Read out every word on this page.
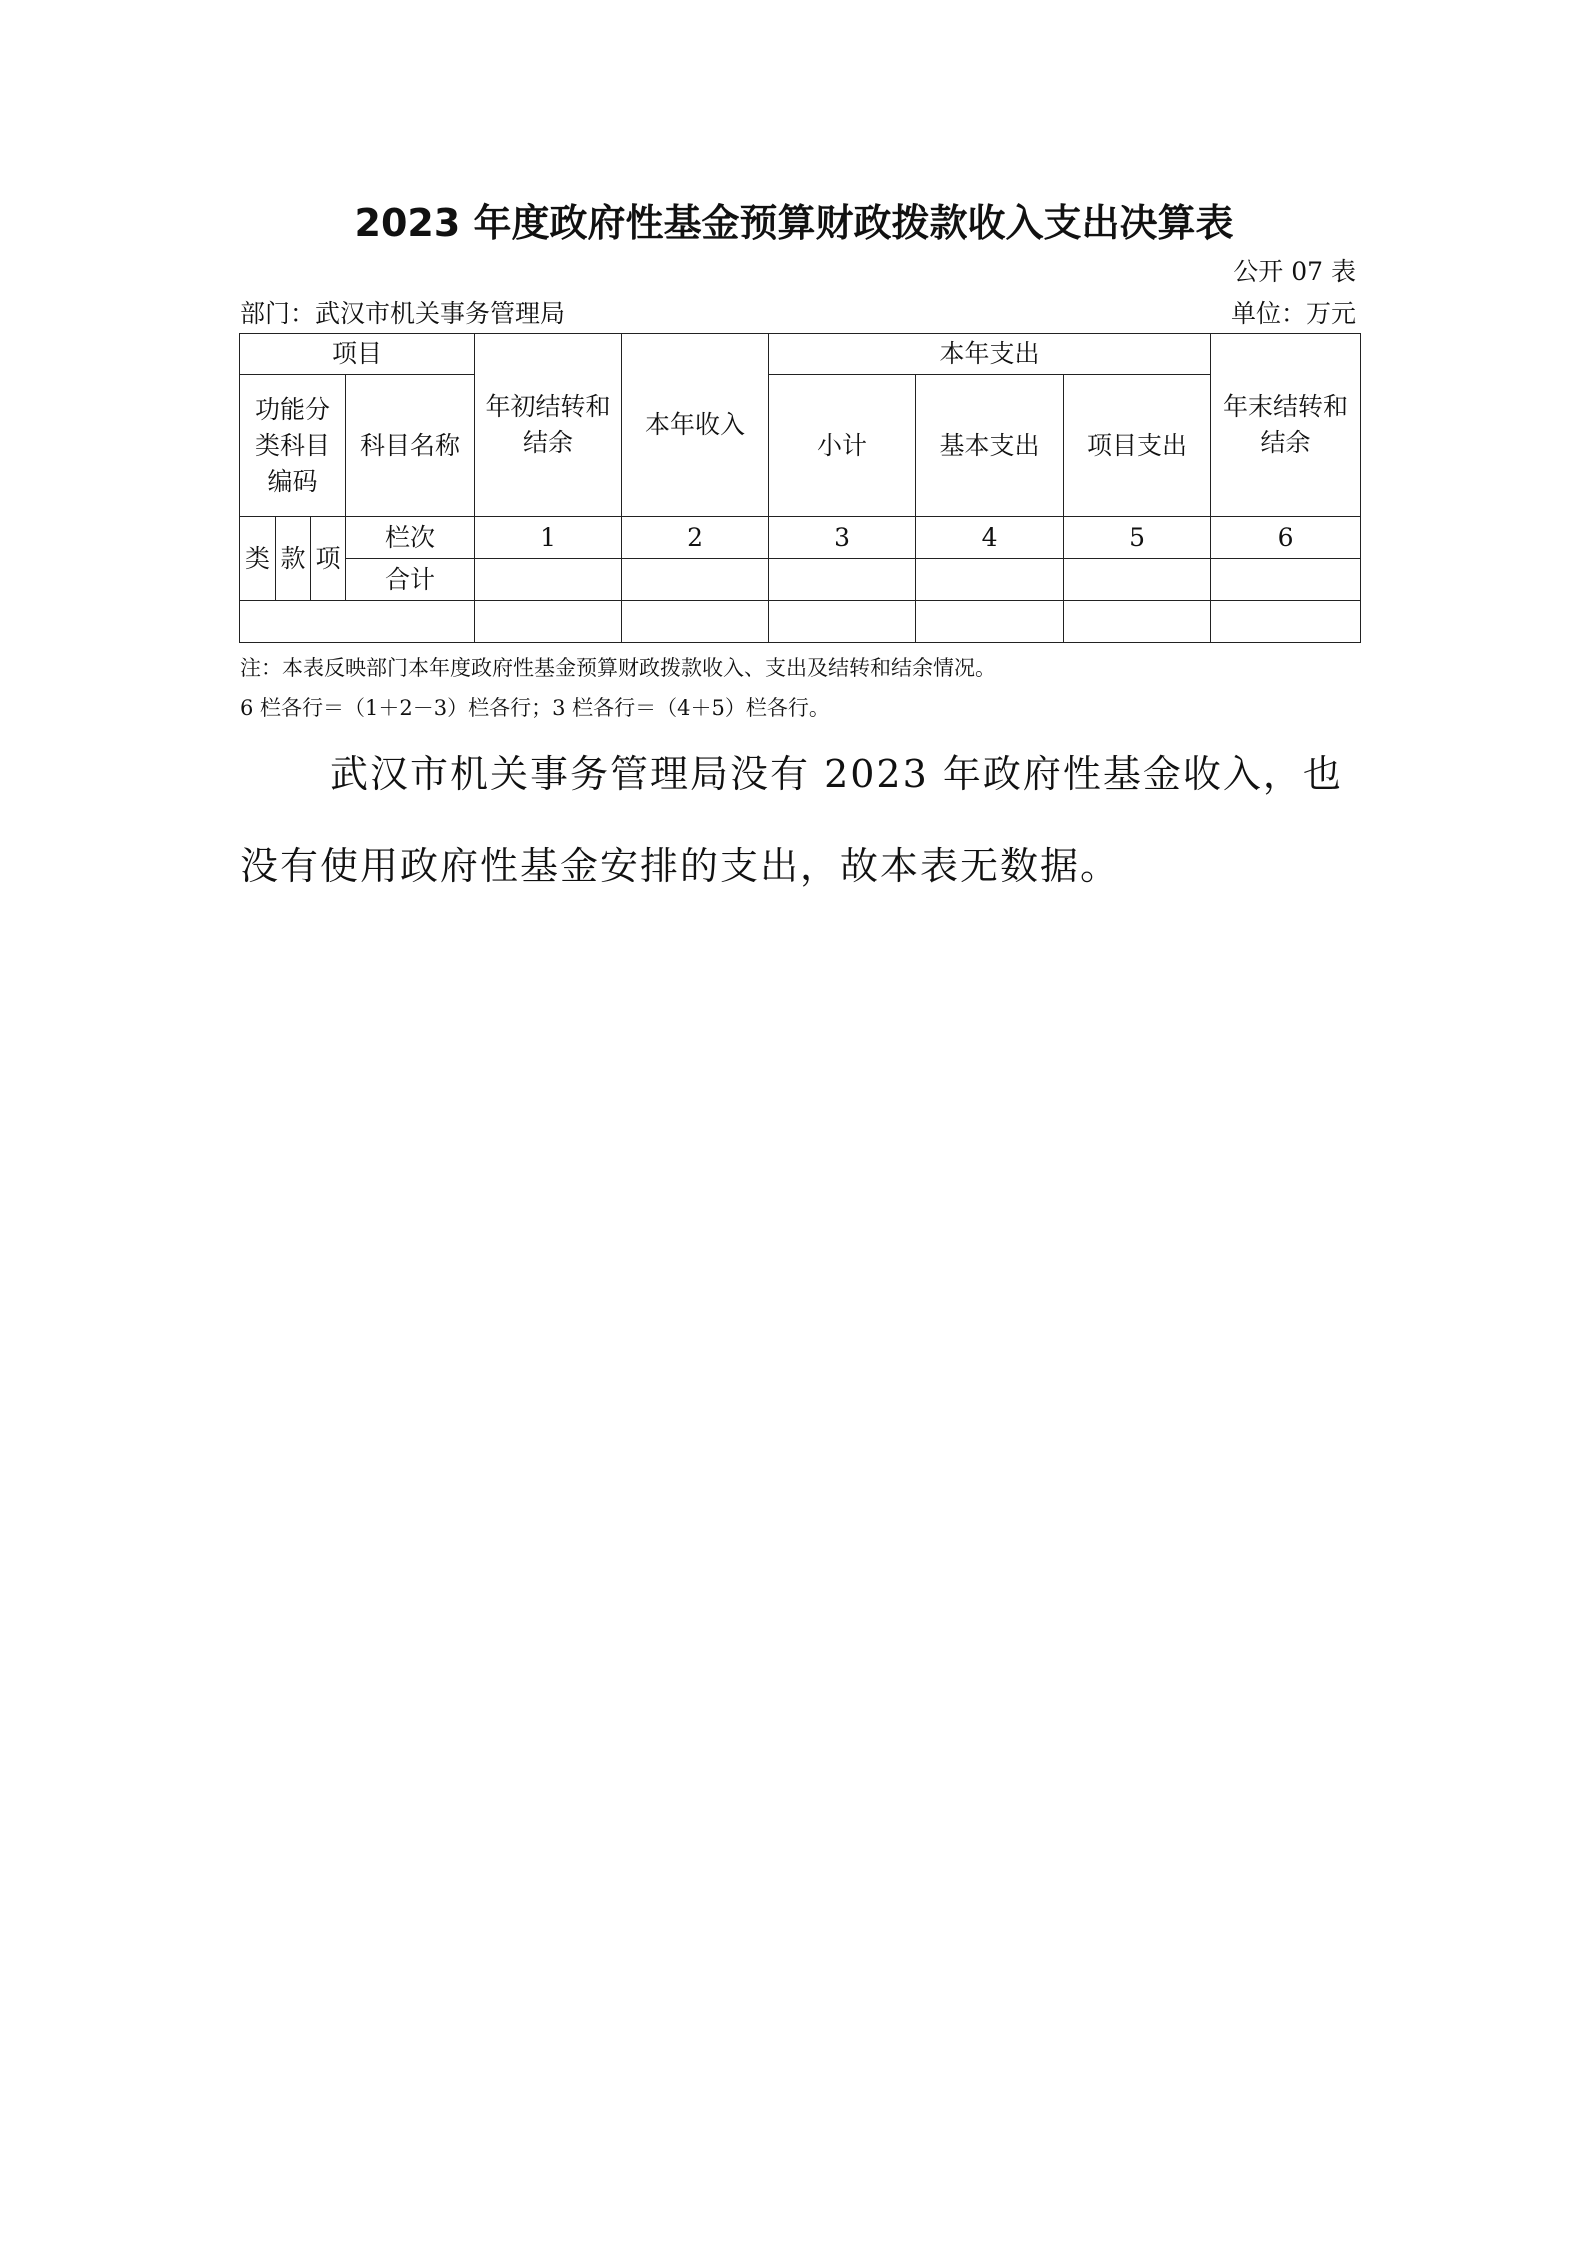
2023 年度政府性基金预算财政拨款收入支出决算表
公开 07 表
部门：武汉市机关事务管理局	单位：万元
项目				年初结转和结余	本年收入	本年支出			年末结转和结余
功能分类科目编码			科目名称			小计	基本支出	项目支出	
类	款	项	栏次	1	2	3	4	5	6
			合计						

注：本表反映部门本年度政府性基金预算财政拨款收入、支出及结转和结余情况。
6 栏各行＝（1＋2－3）栏各行；3 栏各行＝（4＋5）栏各行。
武汉市机关事务管理局没有 2023 年政府性基金收入，也没有使用政府性基金安排的支出，故本表无数据。
